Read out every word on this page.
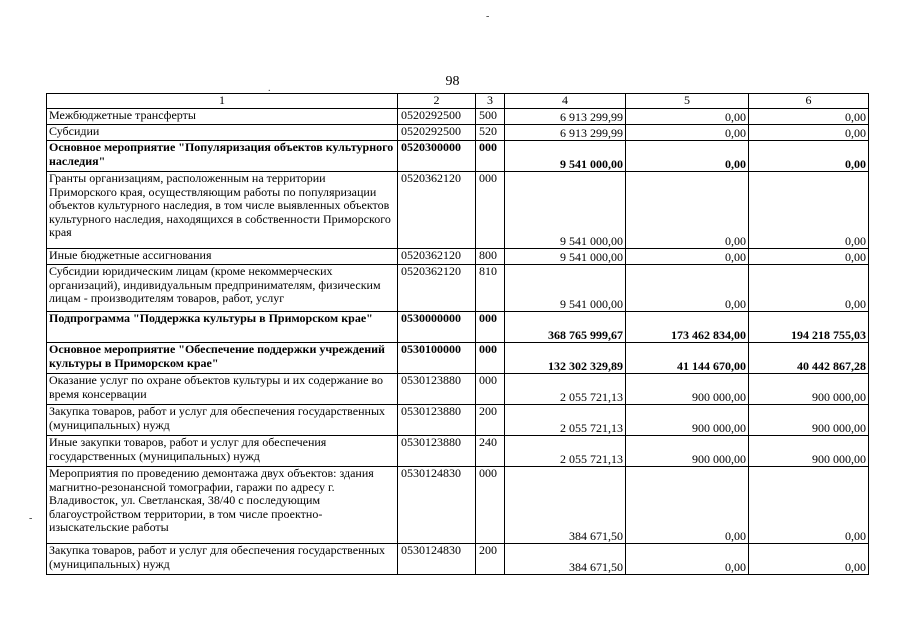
-
98
.
-
1	2	3	4	5	6
Межбюджетные трансферты	0520292500	500	6 913 299,99	0,00	0,00
Субсидии	0520292500	520	6 913 299,99	0,00	0,00
Основное мероприятие "Популяризация объектов культурного наследия"	0520300000	000	9 541 000,00	0,00	0,00
Гранты организациям, расположенным на территории Приморского края, осуществляющим работы по популяризации объектов культурного наследия, в том числе выявленных объектов культурного наследия, находящихся в собственности Приморского края	0520362120	000	9 541 000,00	0,00	0,00
Иные бюджетные ассигнования	0520362120	800	9 541 000,00	0,00	0,00
Субсидии юридическим лицам (кроме некоммерческих организаций), индивидуальным предпринимателям, физическим лицам - производителям товаров, работ, услуг	0520362120	810	9 541 000,00	0,00	0,00
Подпрограмма "Поддержка культуры в Приморском крае"	0530000000	000	368 765 999,67	173 462 834,00	194 218 755,03
Основное мероприятие "Обеспечение поддержки учреждений культуры в Приморском крае"	0530100000	000	132 302 329,89	41 144 670,00	40 442 867,28
Оказание услуг по охране объектов культуры и их содержание во время консервации	0530123880	000	2 055 721,13	900 000,00	900 000,00
Закупка товаров, работ и услуг для обеспечения государственных (муниципальных) нужд	0530123880	200	2 055 721,13	900 000,00	900 000,00
Иные закупки товаров, работ и услуг для обеспечения государственных (муниципальных) нужд	0530123880	240	2 055 721,13	900 000,00	900 000,00
Мероприятия по проведению демонтажа двух объектов: здания магнитно-резонансной томографии, гаражи по адресу г. Владивосток, ул. Светланская, 38/40 с последующим благоустройством территории, в том числе проектно-изыскательские работы	0530124830	000	384 671,50	0,00	0,00
Закупка товаров, работ и услуг для обеспечения государственных (муниципальных) нужд	0530124830	200	384 671,50	0,00	0,00
